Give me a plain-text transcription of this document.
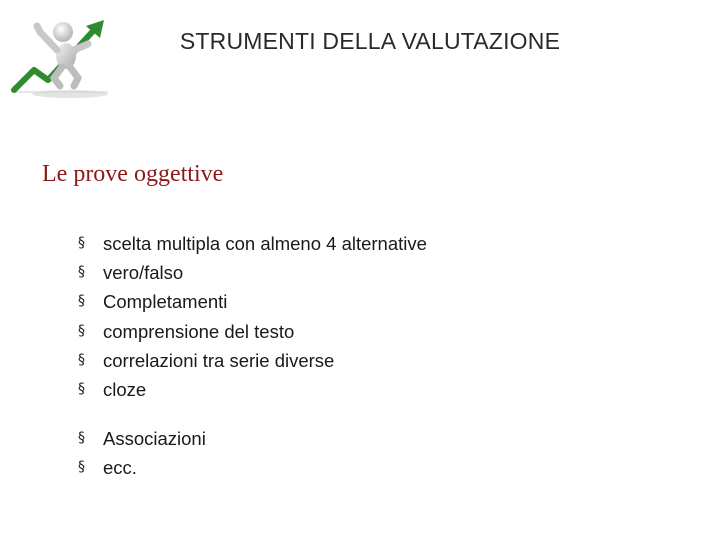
STRUMENTI DELLA VALUTAZIONE
Le prove oggettive
§ scelta multipla con almeno 4 alternative
§ vero/falso
§ Completamenti
§ comprensione del testo
§ correlazioni tra serie diverse
§ cloze
§ Associazioni
§ ecc.
